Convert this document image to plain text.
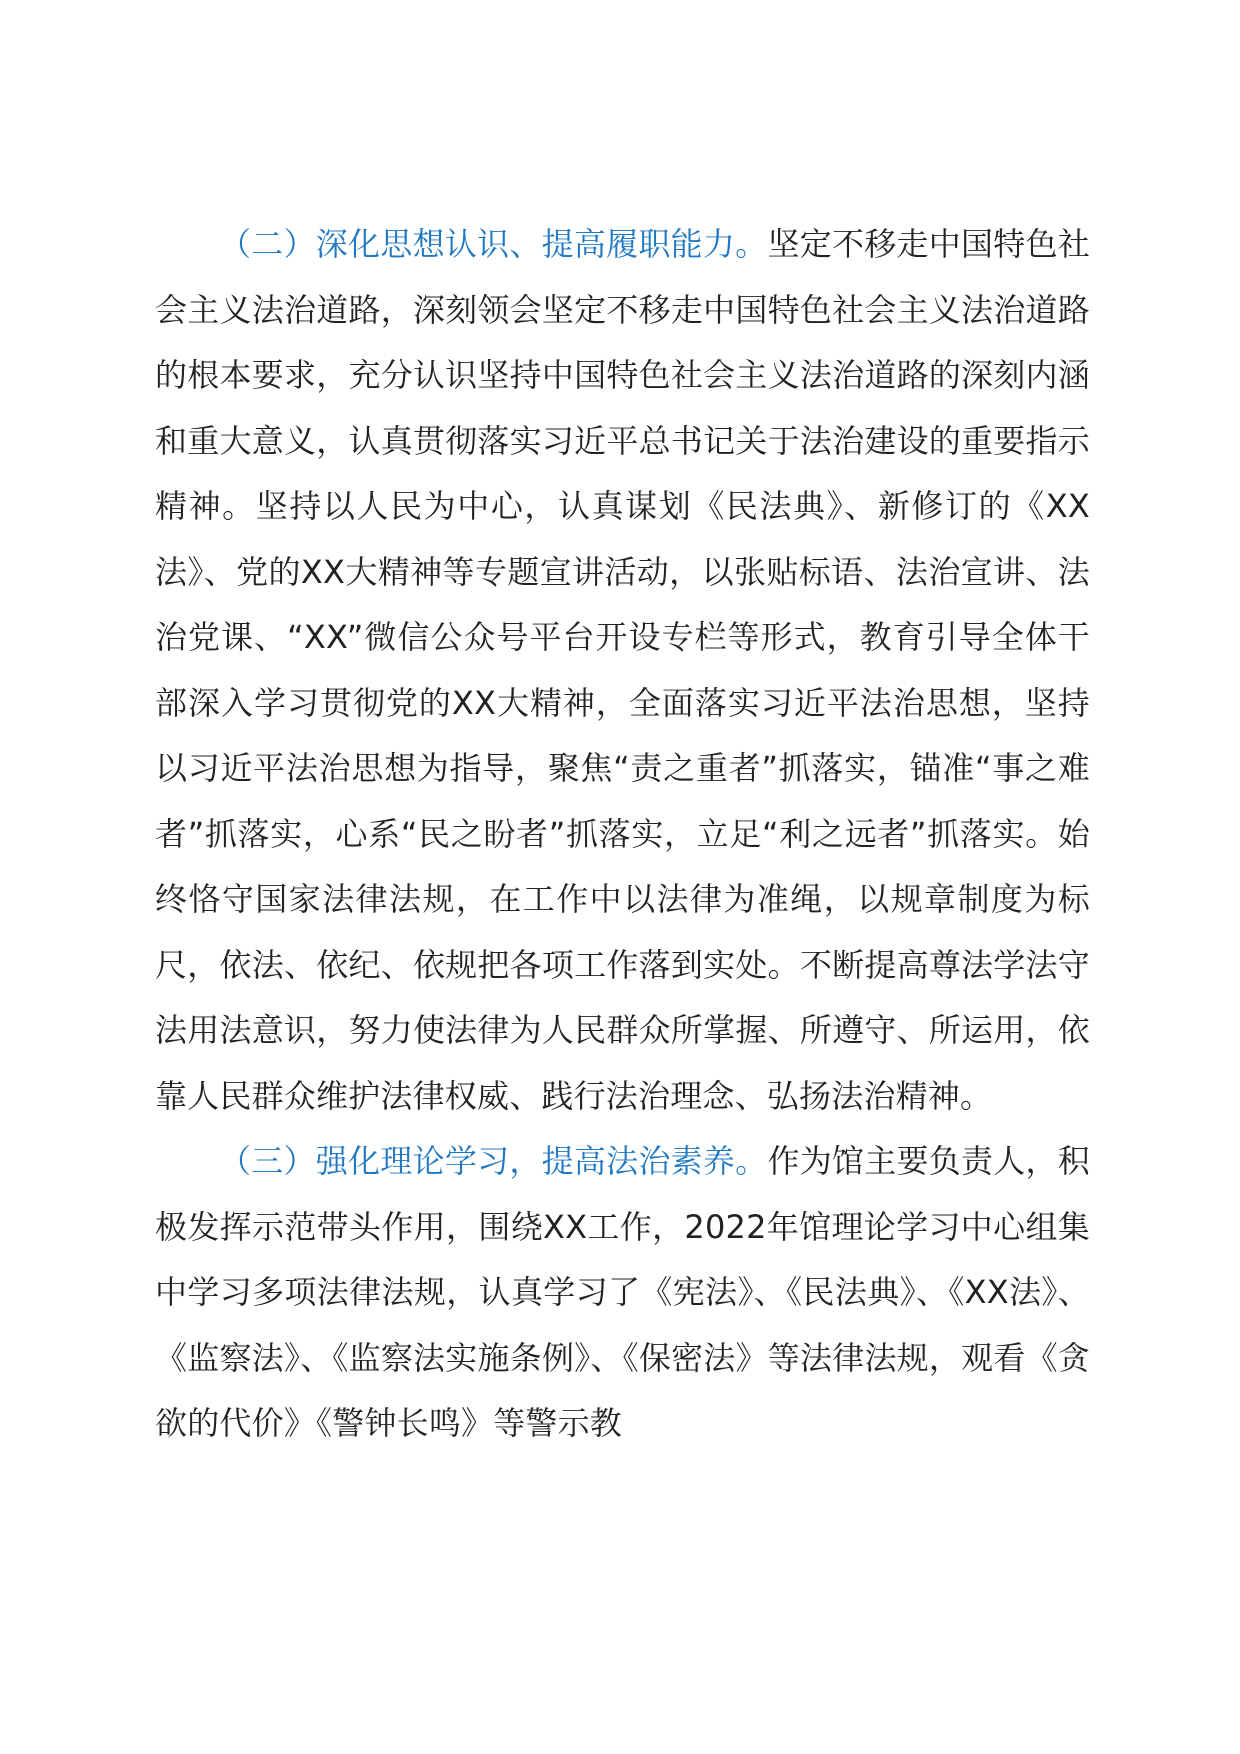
（二）深化思想认识、提高履职能力。坚定不移走中国特色社会主义法治道路，深刻领会坚定不移走中国特色社会主义法治道路的根本要求，充分认识坚持中国特色社会主义法治道路的深刻内涵和重大意义，认真贯彻落实习近平总书记关于法治建设的重要指示精神。坚持以人民为中心，认真谋划《民法典》、新修订的《XX法》、党的XX大精神等专题宣讲活动，以张贴标语、法治宣讲、法治党课、“XX”微信公众号平台开设专栏等形式，教育引导全体干部深入学习贯彻党的XX大精神，全面落实习近平法治思想，坚持以习近平法治思想为指导，聚焦“责之重者”抓落实，锚准“事之难者”抓落实，心系“民之盼者”抓落实，立足“利之远者”抓落实。始终恪守国家法律法规，在工作中以法律为准绳，以规章制度为标尺，依法、依纪、依规把各项工作落到实处。不断提高尊法学法守法用法意识，努力使法律为人民群众所掌握、所遵守、所运用，依靠人民群众维护法律权威、践行法治理念、弘扬法治精神。

（三）强化理论学习，提高法治素养。作为馆主要负责人，积极发挥示范带头作用，围绕XX工作，2022年馆理论学习中心组集中学习多项法律法规，认真学习了《宪法》、《民法典》、《XX法》、《监察法》、《监察法实施条例》、《保密法》等法律法规，观看《贪欲的代价》《警钟长鸣》等警示教
